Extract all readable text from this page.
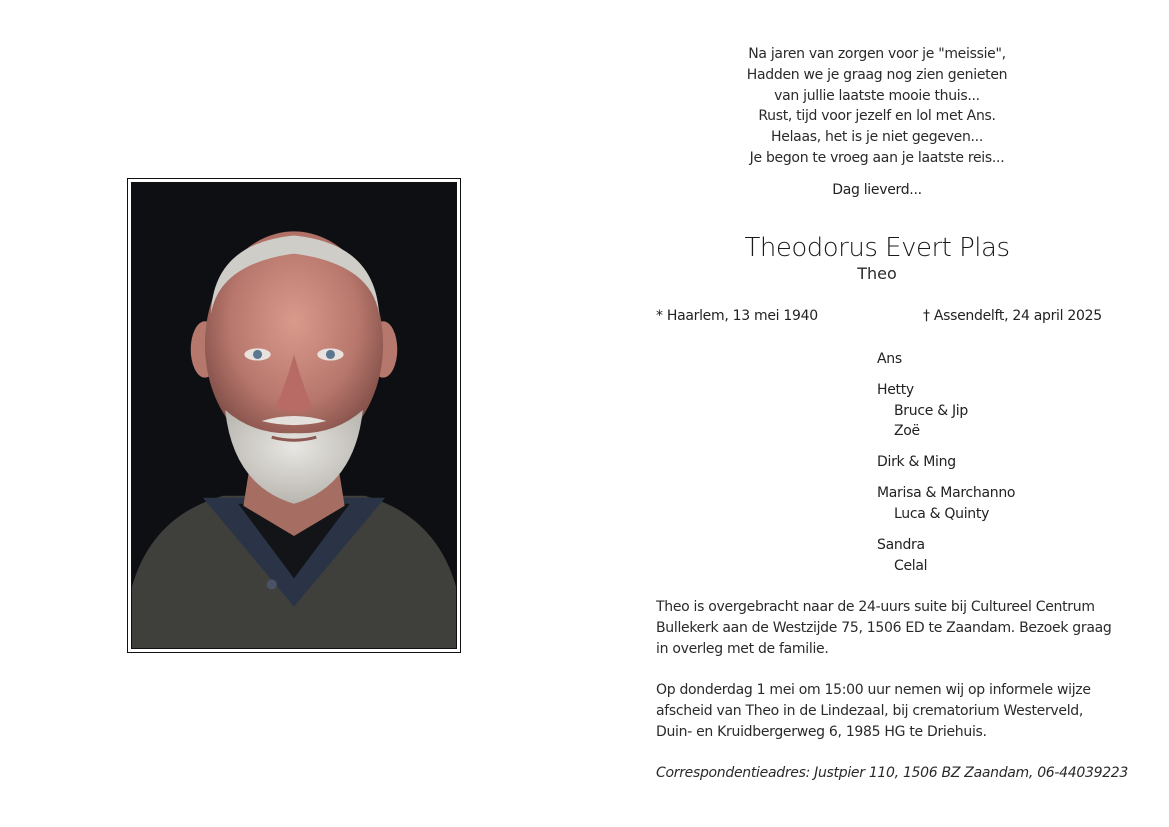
Na jaren van zorgen voor je "meissie",
Hadden we je graag nog zien genieten
van jullie laatste mooie thuis...
Rust, tijd voor jezelf en lol met Ans.
Helaas, het is je niet gegeven...
Je begon te vroeg aan je laatste reis...
Dag lieverd...
Theodorus Evert Plas
Theo
* Haarlem, 13 mei 1940	† Assendelft, 24 april 2025
Ans
Hetty
Bruce & Jip
Zoë
Dirk & Ming
Marisa & Marchanno
Luca & Quinty
Sandra
Celal
Theo is overgebracht naar de 24-uurs suite bij Cultureel Centrum
Bullekerk aan de Westzijde 75, 1506 ED te Zaandam. Bezoek graag
in overleg met de familie.
Op donderdag 1 mei om 15:00 uur nemen wij op informele wijze
afscheid van Theo in de Lindezaal, bij crematorium Westerveld,
Duin- en Kruidbergerweg 6, 1985 HG te Driehuis.
Correspondentieadres: Justpier 110, 1506 BZ Zaandam, 06-44039223
